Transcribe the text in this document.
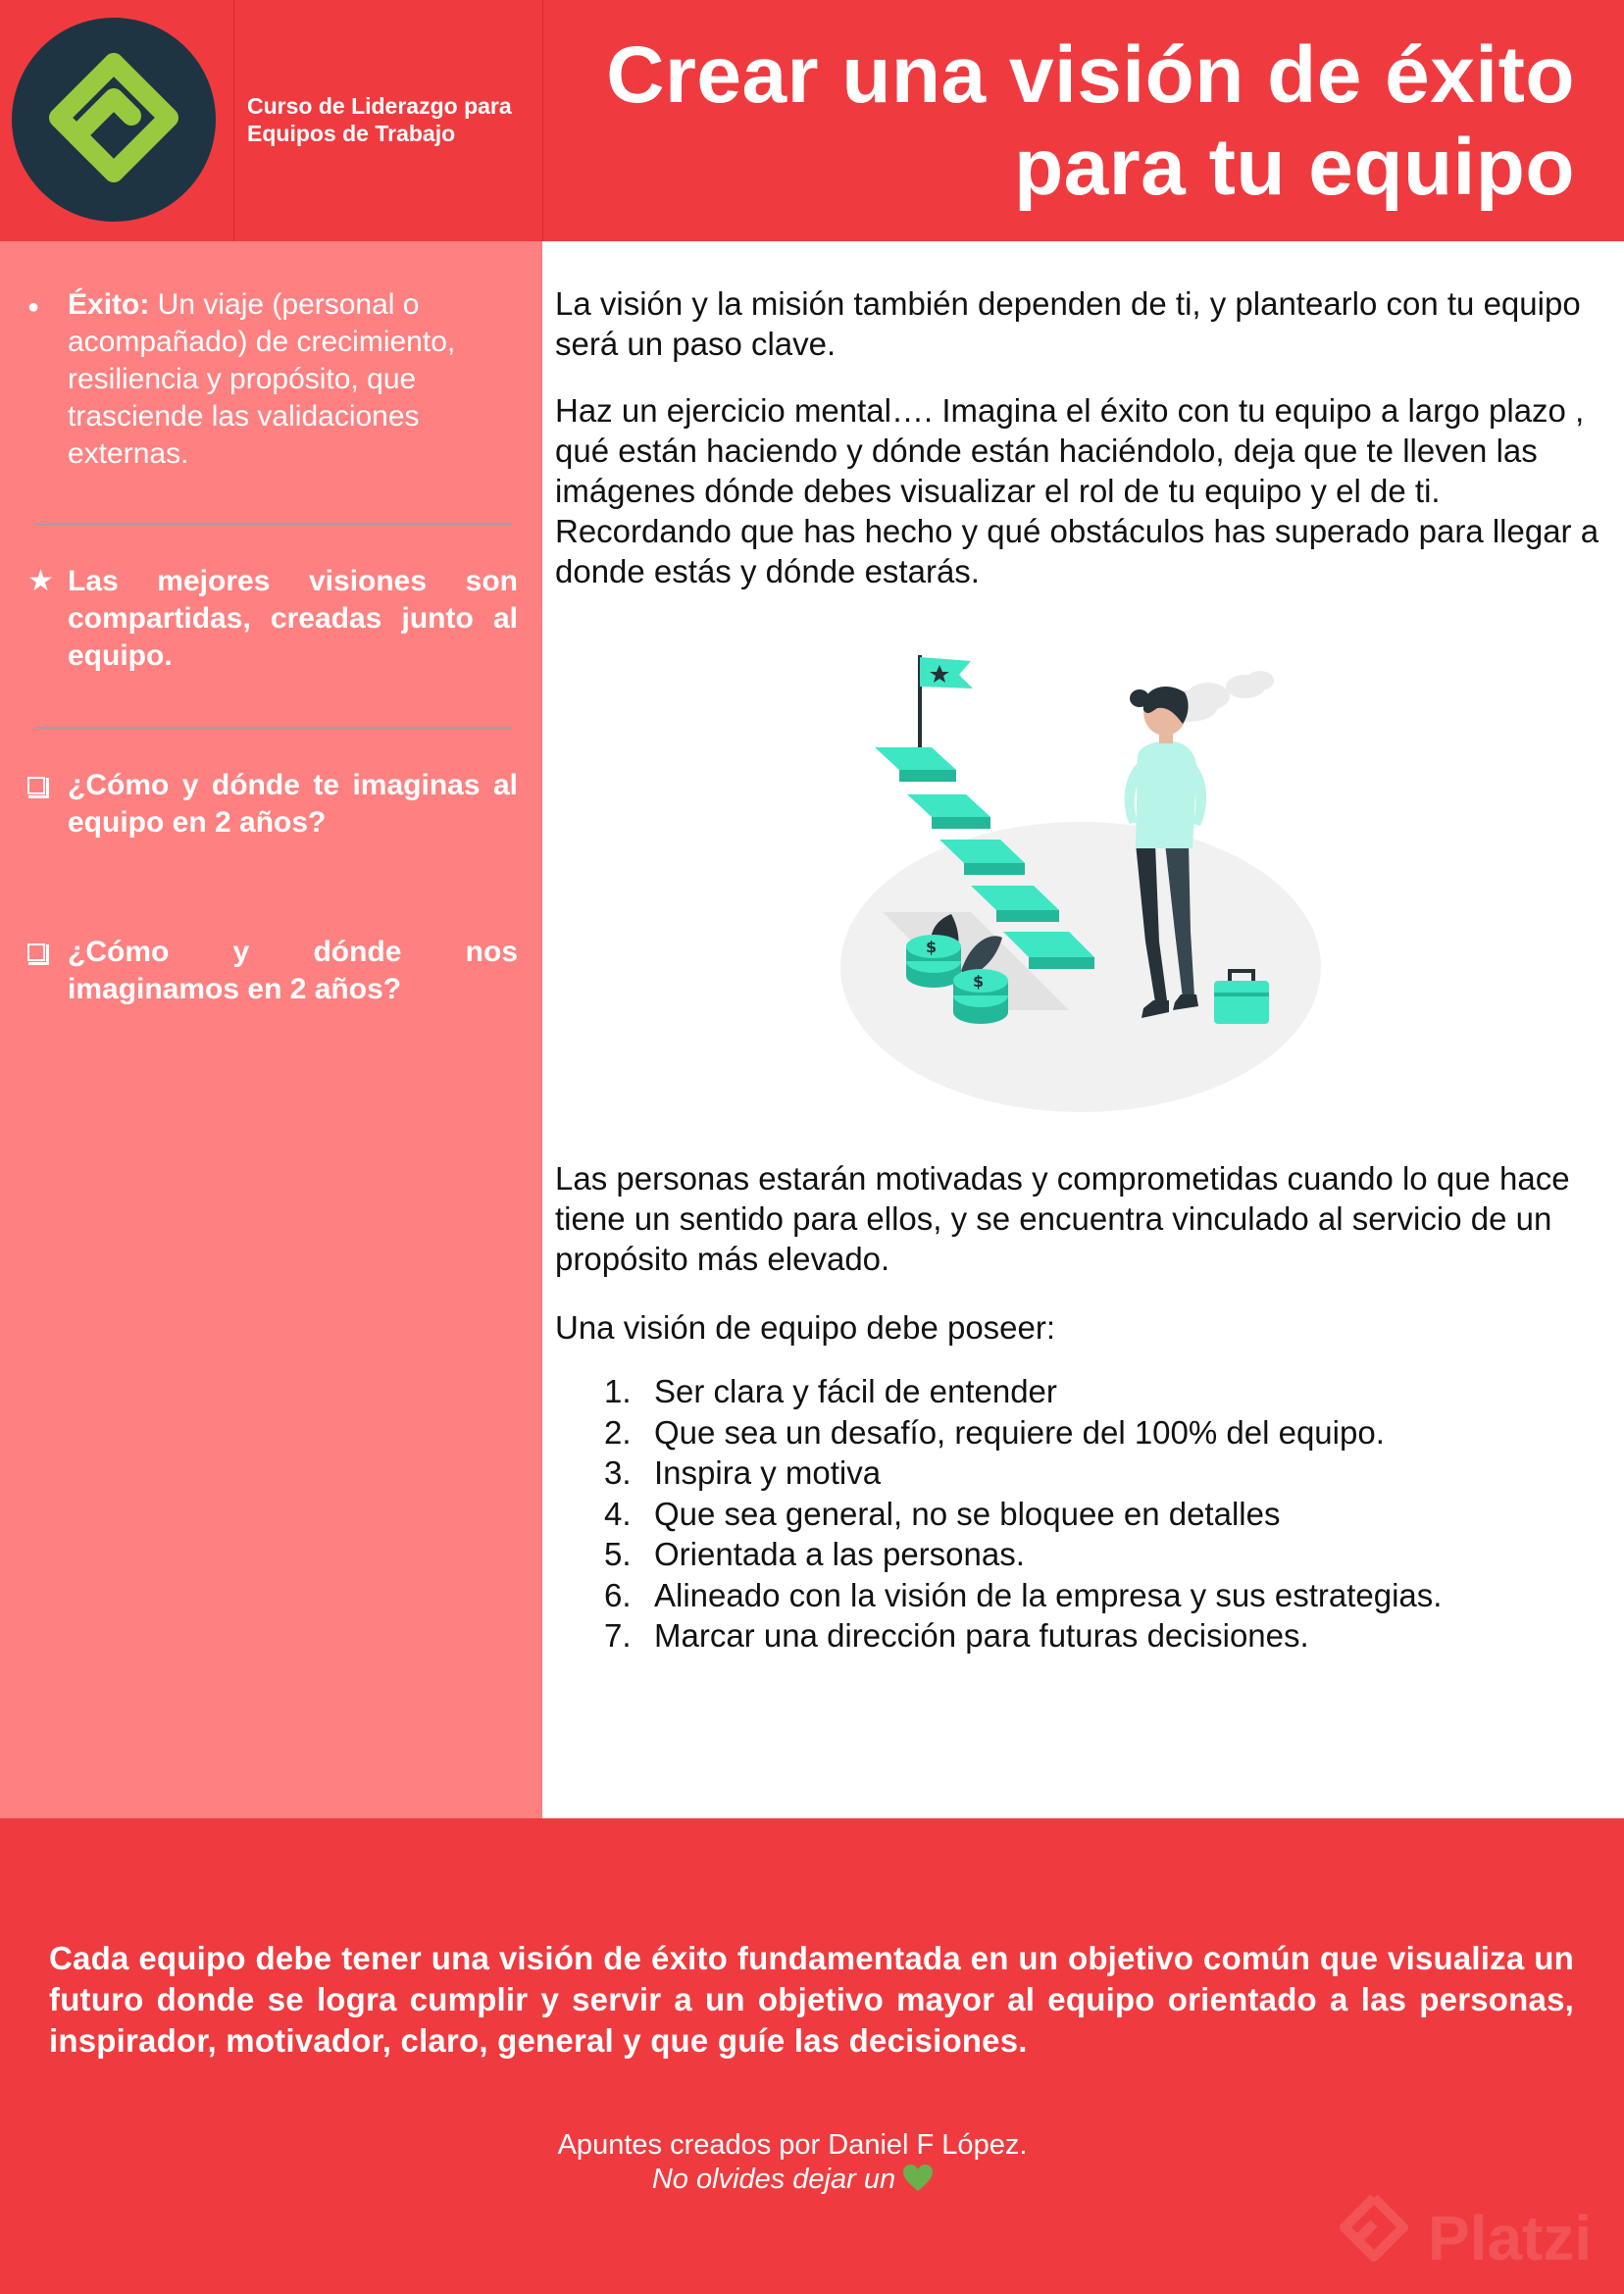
Curso de Liderazgo para Equipos de Trabajo
Crear una visión de éxito
para tu equipo
● Éxito: Un viaje (personal o acompañado) de crecimiento, resiliencia y propósito, que trasciende las validaciones externas.
★ Las mejores visiones son compartidas, creadas junto al equipo.
¿Cómo y dónde te imaginas al equipo en 2 años?
¿Cómo y dónde nos imaginamos en 2 años?
La visión y la misión también dependen de ti, y plantearlo con tu equipo será un paso clave.
Haz un ejercicio mental…. Imagina el éxito con tu equipo a largo plazo , qué están haciendo y dónde están haciéndolo, deja que te lleven las imágenes dónde debes visualizar el rol de tu equipo y el de ti. Recordando que has hecho y qué obstáculos has superado para llegar a donde estás y dónde estarás.
Las personas estarán motivadas y comprometidas cuando lo que hace tiene un sentido para ellos, y se encuentra vinculado al servicio de un propósito más elevado.
Una visión de equipo debe poseer:
$
$
1. Ser clara y fácil de entender
2. Que sea un desafío, requiere del 100% del equipo.
3. Inspira y motiva
4. Que sea general, no se bloquee en detalles
5. Orientada a las personas.
6. Alineado con la visión de la empresa y sus estrategias.
7. Marcar una dirección para futuras decisiones.
Cada equipo debe tener una visión de éxito fundamentada en un objetivo común que visualiza un futuro donde se logra cumplir y servir a un objetivo mayor al equipo orientado a las personas, inspirador, motivador, claro, general y que guíe las decisiones.
Apuntes creados por Daniel F López.
No olvides dejar un
Platzi
